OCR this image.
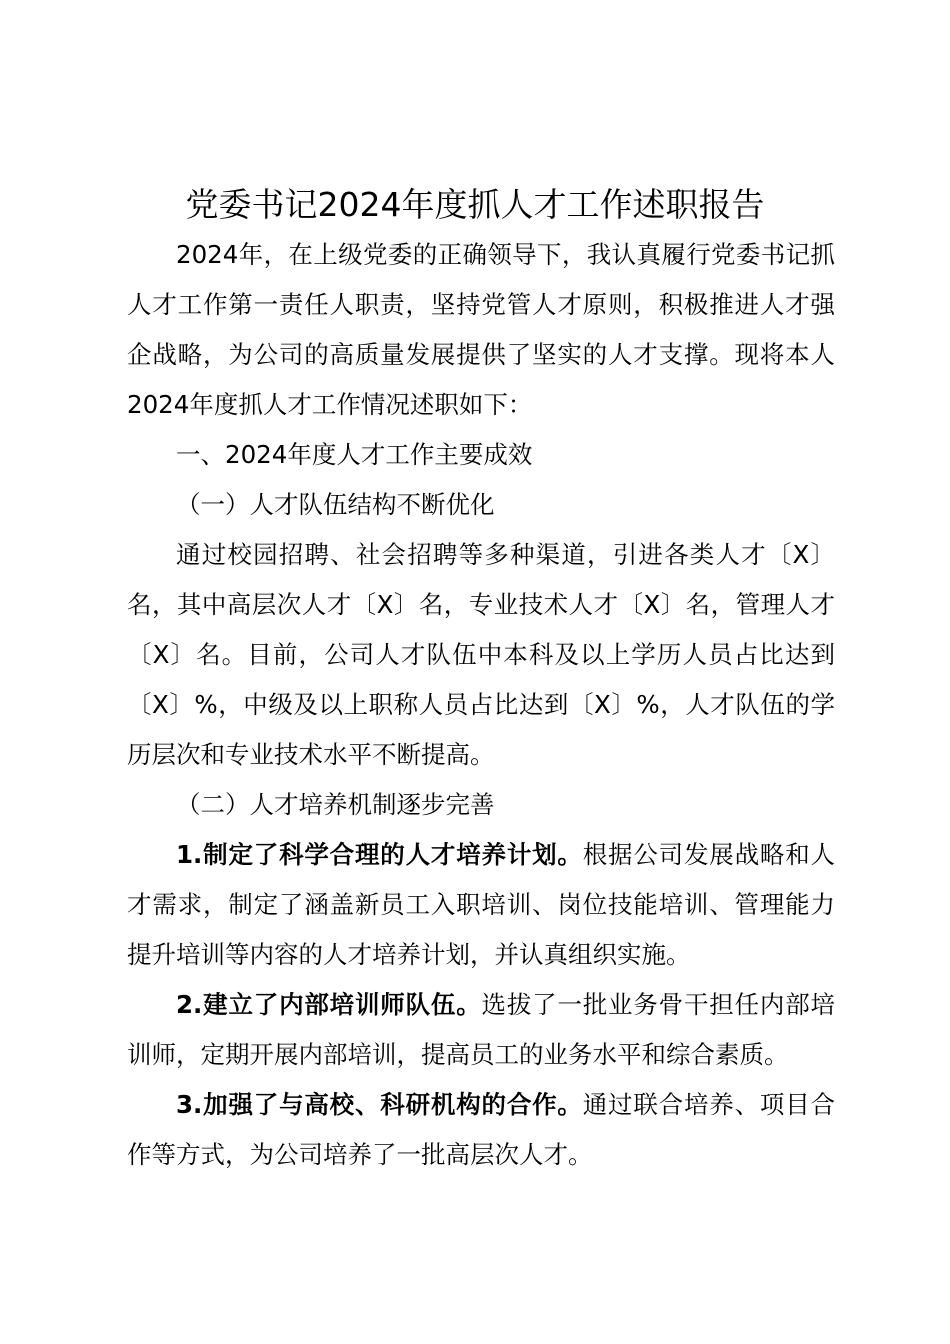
党委书记2024年度抓人才工作述职报告

2024年，在上级党委的正确领导下，我认真履行党委书记抓人才工作第一责任人职责，坚持党管人才原则，积极推进人才强企战略，为公司的高质量发展提供了坚实的人才支撑。现将本人2024年度抓人才工作情况述职如下：

一、2024年度人才工作主要成效

（一）人才队伍结构不断优化

通过校园招聘、社会招聘等多种渠道，引进各类人才〔X〕名，其中高层次人才〔X〕名，专业技术人才〔X〕名，管理人才〔X〕名。目前，公司人才队伍中本科及以上学历人员占比达到〔X〕%，中级及以上职称人员占比达到〔X〕%，人才队伍的学历层次和专业技术水平不断提高。

（二）人才培养机制逐步完善

1.制定了科学合理的人才培养计划。根据公司发展战略和人才需求，制定了涵盖新员工入职培训、岗位技能培训、管理能力提升培训等内容的人才培养计划，并认真组织实施。

2.建立了内部培训师队伍。选拔了一批业务骨干担任内部培训师，定期开展内部培训，提高员工的业务水平和综合素质。

3.加强了与高校、科研机构的合作。通过联合培养、项目合作等方式，为公司培养了一批高层次人才。
